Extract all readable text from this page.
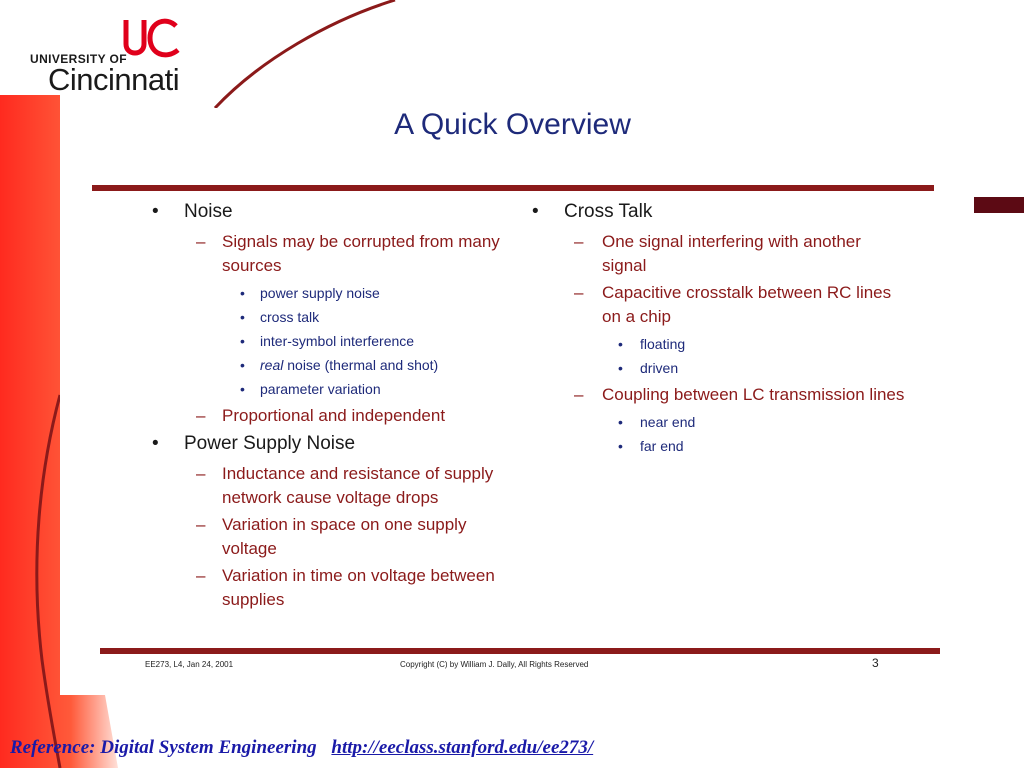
UNIVERSITY OF
Cincinnati
A Quick Overview
• Noise
– Signals may be corrupted from many sources
• power supply noise
• cross talk
• inter-symbol interference
• real noise (thermal and shot)
• parameter variation
– Proportional and independent
• Power Supply Noise
– Inductance and resistance of supply network cause voltage drops
– Variation in space on one supply voltage
– Variation in time on voltage between supplies
• Cross Talk
– One signal interfering with another signal
– Capacitive crosstalk between RC lines on a chip
• floating
• driven
– Coupling between LC transmission lines
• near end
• far end
EE273, L4, Jan 24, 2001	Copyright (C) by William J. Dally, All Rights Reserved	3
Reference: Digital System Engineering http://eeclass.stanford.edu/ee273/
